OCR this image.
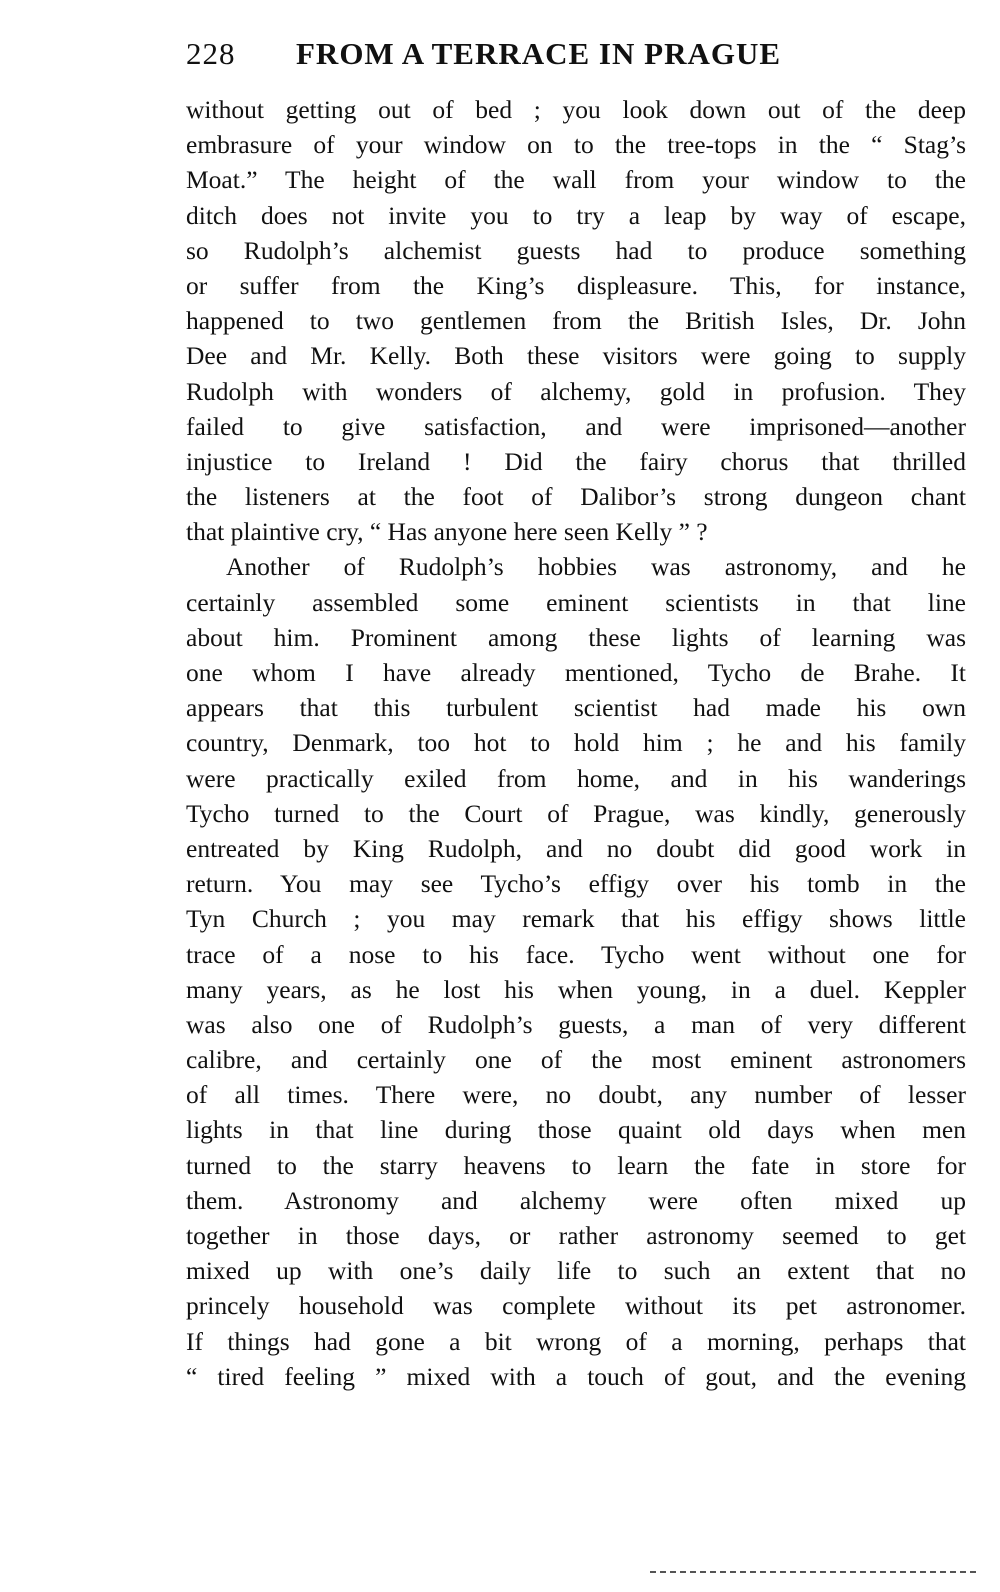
228 FROM A TERRACE IN PRAGUE
without getting out of bed ; you look down out of the deep
embrasure of your window on to the tree-tops in the “ Stag’s
Moat.” The height of the wall from your window to the
ditch does not invite you to try a leap by way of escape,
so Rudolph’s alchemist guests had to produce something
or suffer from the King’s displeasure. This, for instance,
happened to two gentlemen from the British Isles, Dr. John
Dee and Mr. Kelly. Both these visitors were going to supply
Rudolph with wonders of alchemy, gold in profusion. They
failed to give satisfaction, and were imprisoned—another
injustice to Ireland ! Did the fairy chorus that thrilled
the listeners at the foot of Dalibor’s strong dungeon chant
that plaintive cry, “ Has anyone here seen Kelly ” ?
Another of Rudolph’s hobbies was astronomy, and he
certainly assembled some eminent scientists in that line
about him. Prominent among these lights of learning was
one whom I have already mentioned, Tycho de Brahe. It
appears that this turbulent scientist had made his own
country, Denmark, too hot to hold him ; he and his family
were practically exiled from home, and in his wanderings
Tycho turned to the Court of Prague, was kindly, generously
entreated by King Rudolph, and no doubt did good work in
return. You may see Tycho’s effigy over his tomb in the
Tyn Church ; you may remark that his effigy shows little
trace of a nose to his face. Tycho went without one for
many years, as he lost his when young, in a duel. Keppler
was also one of Rudolph’s guests, a man of very different
calibre, and certainly one of the most eminent astronomers
of all times. There were, no doubt, any number of lesser
lights in that line during those quaint old days when men
turned to the starry heavens to learn the fate in store for
them. Astronomy and alchemy were often mixed up
together in those days, or rather astronomy seemed to get
mixed up with one’s daily life to such an extent that no
princely household was complete without its pet astronomer.
If things had gone a bit wrong of a morning, perhaps that
“ tired feeling ” mixed with a touch of gout, and the evening
